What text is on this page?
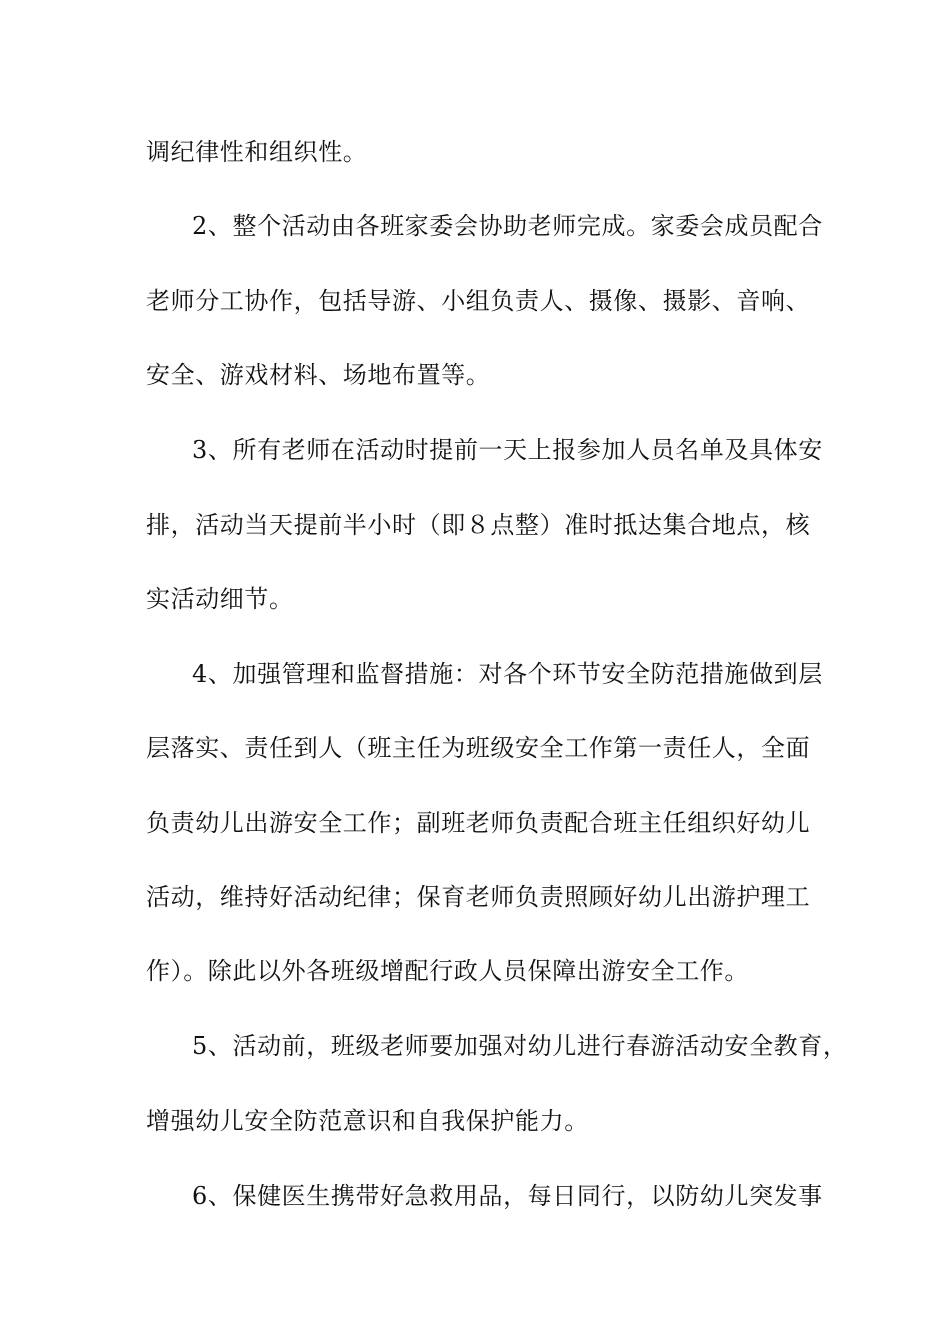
调纪律性和组织性。
2、整个活动由各班家委会协助老师完成。家委会成员配合
老师分工协作，包括导游、小组负责人、摄像、摄影、音响、
安全、游戏材料、场地布置等。
3、所有老师在活动时提前一天上报参加人员名单及具体安
排，活动当天提前半小时（即８点整）准时抵达集合地点，核
实活动细节。
4、加强管理和监督措施：对各个环节安全防范措施做到层
层落实、责任到人（班主任为班级安全工作第一责任人，全面
负责幼儿出游安全工作；副班老师负责配合班主任组织好幼儿
活动，维持好活动纪律；保育老师负责照顾好幼儿出游护理工
作）。除此以外各班级增配行政人员保障出游安全工作。
5、活动前，班级老师要加强对幼儿进行春游活动安全教育，
增强幼儿安全防范意识和自我保护能力。
6、保健医生携带好急救用品，每日同行，以防幼儿突发事
